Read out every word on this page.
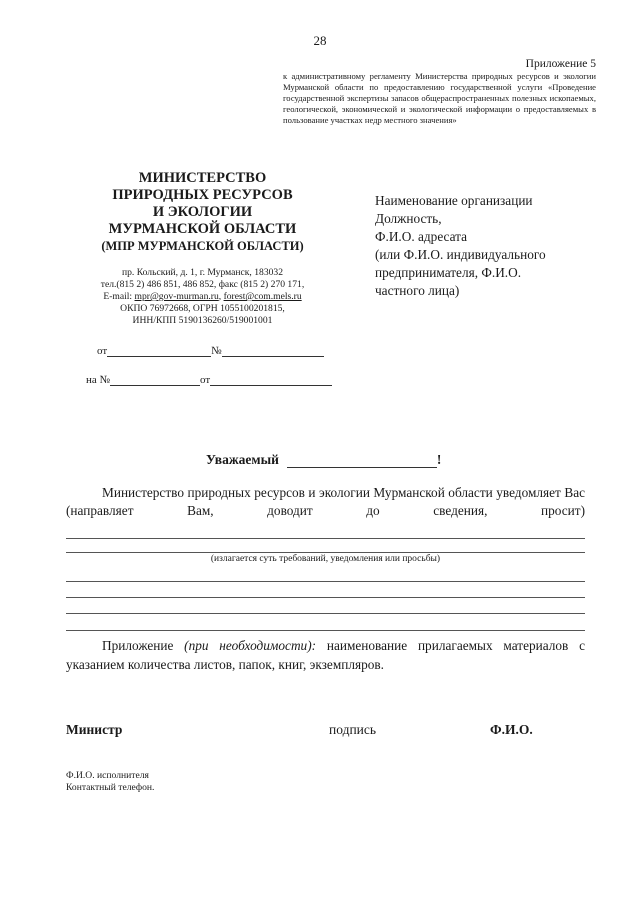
28
Приложение 5
к административному регламенту Министерства природных ресурсов и экологии Мурманской области по предоставлению государственной услуги «Проведение государственной экспертизы запасов общераспространенных полезных ископаемых, геологической, экономической и экологической информации о предоставляемых в пользование участках недр местного значения»
МИНИСТЕРСТВО
ПРИРОДНЫХ РЕСУРСОВ
И ЭКОЛОГИИ
МУРМАНСКОЙ ОБЛАСТИ
(МПР МУРМАНСКОЙ ОБЛАСТИ)
пр. Кольский, д. 1, г. Мурманск, 183032
тел.(815 2) 486 851, 486 852, факс (815 2) 270 171,
E-mail: mpr@gov-murman.ru, forest@com.mels.ru
ОКПО 76972668, ОГРН 1055100201815,
ИНН/КПП 5190136260/519001001
Наименование организации
Должность,
Ф.И.О. адресата
(или Ф.И.О. индивидуального
предпринимателя, Ф.И.О.
частного лица)
от	№
на №	от
Уважаемый	!
Министерство природных ресурсов и экологии Мурманской области уведомляет Вас (направляет Вам, доводит до сведения, просит)
(излагается суть требований, уведомления или просьбы)
Приложение (при необходимости): наименование прилагаемых материалов с указанием количества листов, папок, книг, экземпляров.
Министр	подпись	Ф.И.О.
Ф.И.О. исполнителя
Контактный телефон.
